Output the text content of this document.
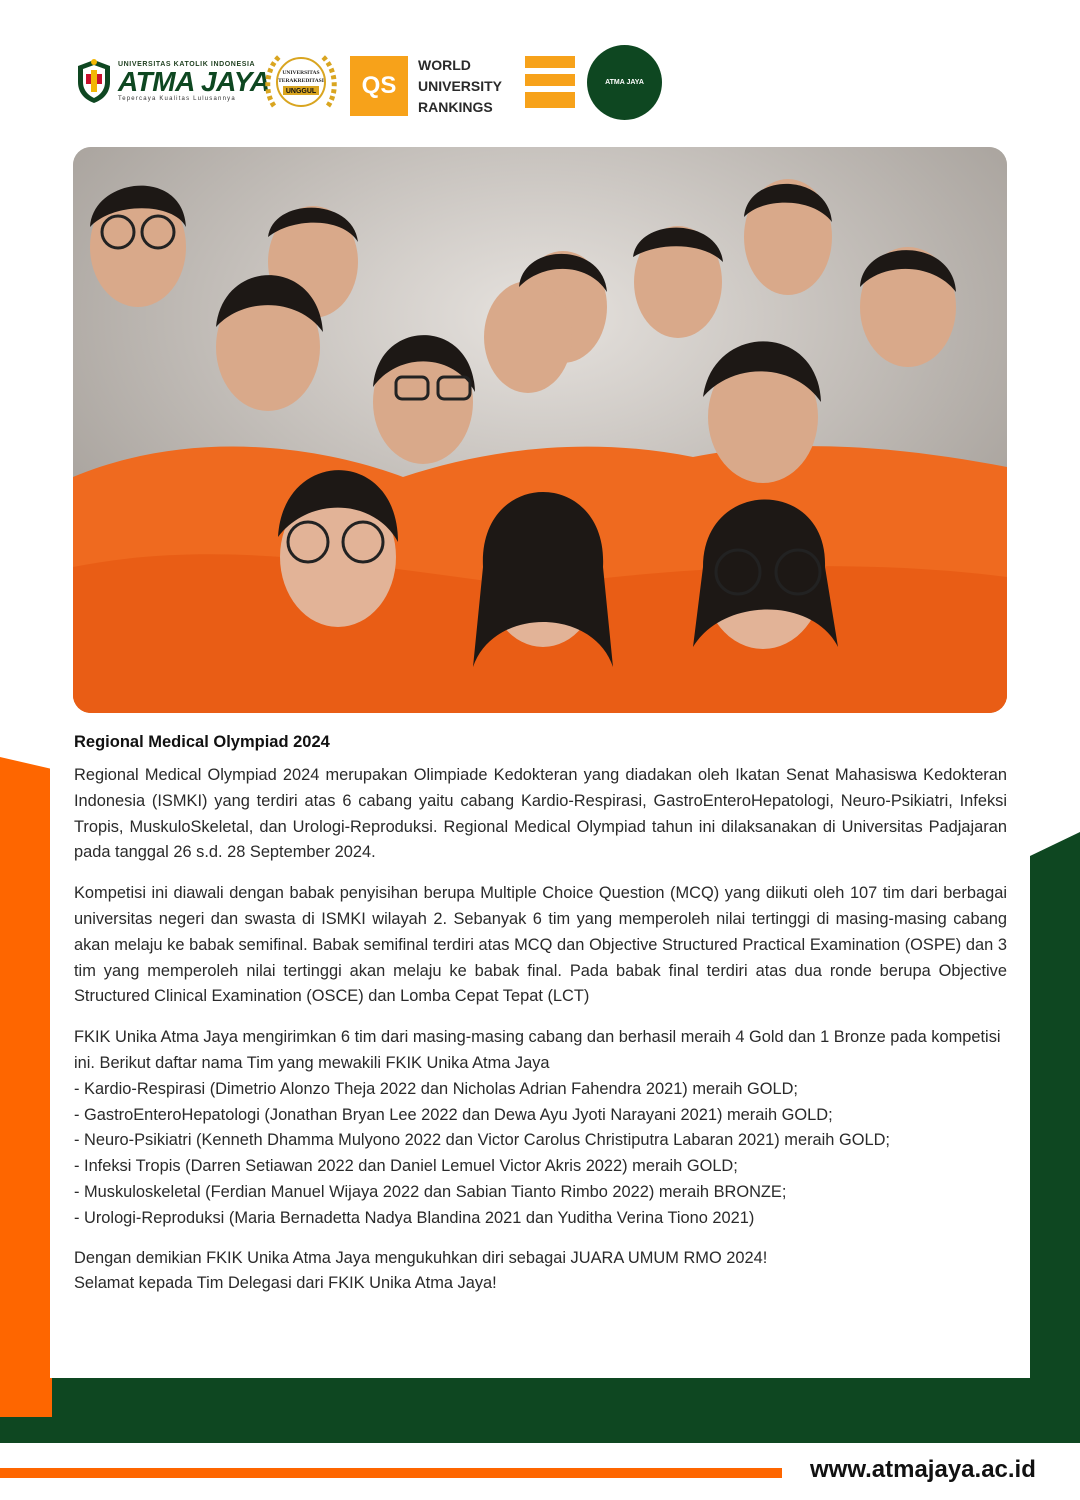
UNIVERSITAS KATOLIK INDONESIA
ATMA JAYA
Tepercaya Kualitas Lulusannya
UNIVERSITAS
TERAKREDITASI
UNGGUL	QS
WORLD
UNIVERSITY
RANKINGS
ATMA JAYA
Regional Medical Olympiad 2024

Regional Medical Olympiad 2024 merupakan Olimpiade Kedokteran yang diadakan oleh Ikatan Senat Mahasiswa Kedokteran Indonesia (ISMKI) yang terdiri atas 6 cabang yaitu cabang Kardio-Respirasi, GastroEnteroHepatologi, Neuro-Psikiatri, Infeksi Tropis, MuskuloSkeletal, dan Urologi-Reproduksi. Regional Medical Olympiad tahun ini dilaksanakan di Universitas Padjajaran pada tanggal 26 s.d. 28 September 2024.

Kompetisi ini diawali dengan babak penyisihan berupa Multiple Choice Question (MCQ) yang diikuti oleh 107 tim dari berbagai universitas negeri dan swasta di ISMKI wilayah 2. Sebanyak 6 tim yang memperoleh nilai tertinggi di masing-masing cabang akan melaju ke babak semifinal. Babak semifinal terdiri atas MCQ dan Objective Structured Practical Examination (OSPE) dan 3 tim yang memperoleh nilai tertinggi akan melaju ke babak final. Pada babak final terdiri atas dua ronde berupa Objective Structured Clinical Examination (OSCE) dan Lomba Cepat Tepat (LCT)

FKIK Unika Atma Jaya mengirimkan 6 tim dari masing-masing cabang dan berhasil meraih 4 Gold dan 1 Bronze pada kompetisi ini. Berikut daftar nama Tim yang mewakili FKIK Unika Atma Jaya

- Kardio-Respirasi (Dimetrio Alonzo Theja 2022 dan Nicholas Adrian Fahendra 2021) meraih GOLD;
- GastroEnteroHepatologi (Jonathan Bryan Lee 2022 dan Dewa Ayu Jyoti Narayani 2021) meraih GOLD;
- Neuro-Psikiatri (Kenneth Dhamma Mulyono 2022 dan Victor Carolus Christiputra Labaran 2021) meraih GOLD;
- Infeksi Tropis (Darren Setiawan 2022 dan Daniel Lemuel Victor Akris 2022) meraih GOLD;
- Muskuloskeletal (Ferdian Manuel Wijaya 2022 dan Sabian Tianto Rimbo 2022) meraih BRONZE;
- Urologi-Reproduksi (Maria Bernadetta Nadya Blandina 2021 dan Yuditha Verina Tiono 2021)
Dengan demikian FKIK Unika Atma Jaya mengukuhkan diri sebagai JUARA UMUM RMO 2024!
Selamat kepada Tim Delegasi dari FKIK Unika Atma Jaya!
www.atmajaya.ac.id
